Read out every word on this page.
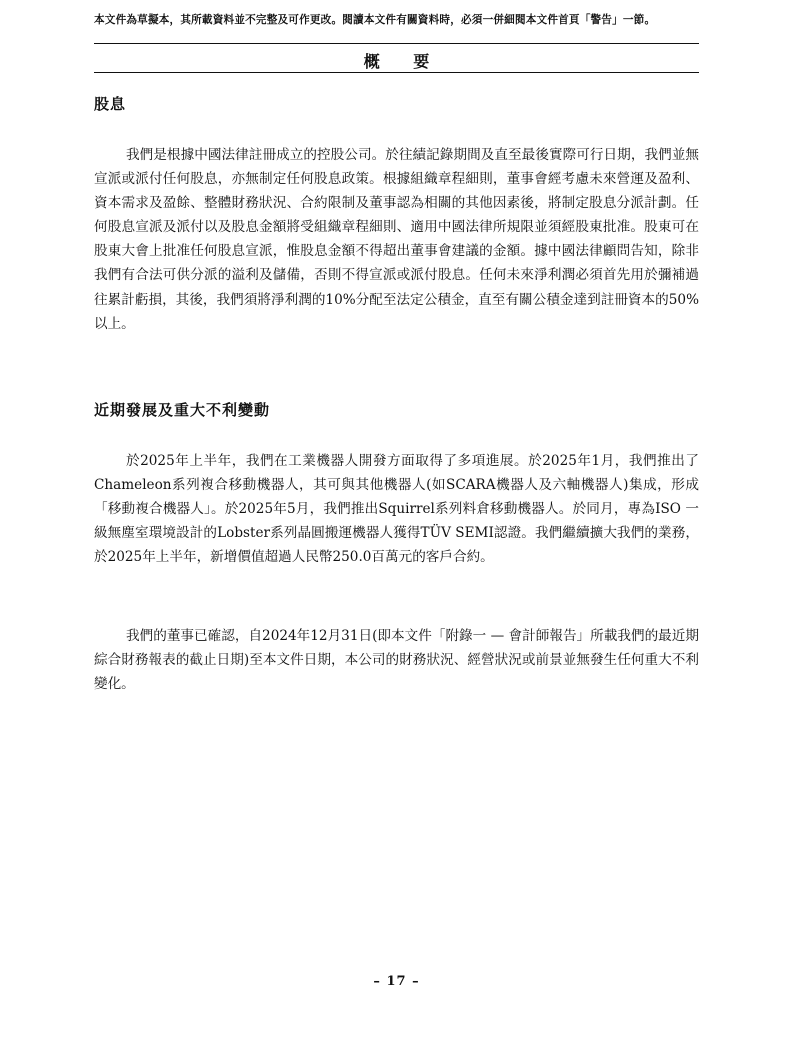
本文件為草擬本，其所載資料並不完整及可作更改。閱讀本文件有關資料時，必須一併細閱本文件首頁「警告」一節。
概 要
股息

我們是根據中國法律註冊成立的控股公司。於往績記錄期間及直至最後實際可行日期，我們並無宣派或派付任何股息，亦無制定任何股息政策。根據組織章程細則，董事會經考慮未來營運及盈利、資本需求及盈餘、整體財務狀況、合約限制及董事認為相關的其他因素後，將制定股息分派計劃。任何股息宣派及派付以及股息金額將受組織章程細則、適用中國法律所規限並須經股東批准。股東可在股東大會上批准任何股息宣派，惟股息金額不得超出董事會建議的金額。據中國法律顧問告知，除非我們有合法可供分派的溢利及儲備，否則不得宣派或派付股息。任何未來淨利潤必須首先用於彌補過往累計虧損，其後，我們須將淨利潤的10%分配至法定公積金，直至有關公積金達到註冊資本的50%以上。

近期發展及重大不利變動

於2025年上半年，我們在工業機器人開發方面取得了多項進展。於2025年1月，我們推出了Chameleon系列複合移動機器人，其可與其他機器人(如SCARA機器人及六軸機器人)集成，形成「移動複合機器人」。於2025年5月，我們推出Squirrel系列料倉移動機器人。於同月，專為ISO 一級無塵室環境設計的Lobster系列晶圓搬運機器人獲得TÜV SEMI認證。我們繼續擴大我們的業務，於2025年上半年，新增價值超過人民幣250.0百萬元的客戶合約。

我們的董事已確認，自2024年12月31日(即本文件「附錄一 — 會計師報告」所載我們的最近期綜合財務報表的截止日期)至本文件日期，本公司的財務狀況、經營狀況或前景並無發生任何重大不利變化。

– 17 –
